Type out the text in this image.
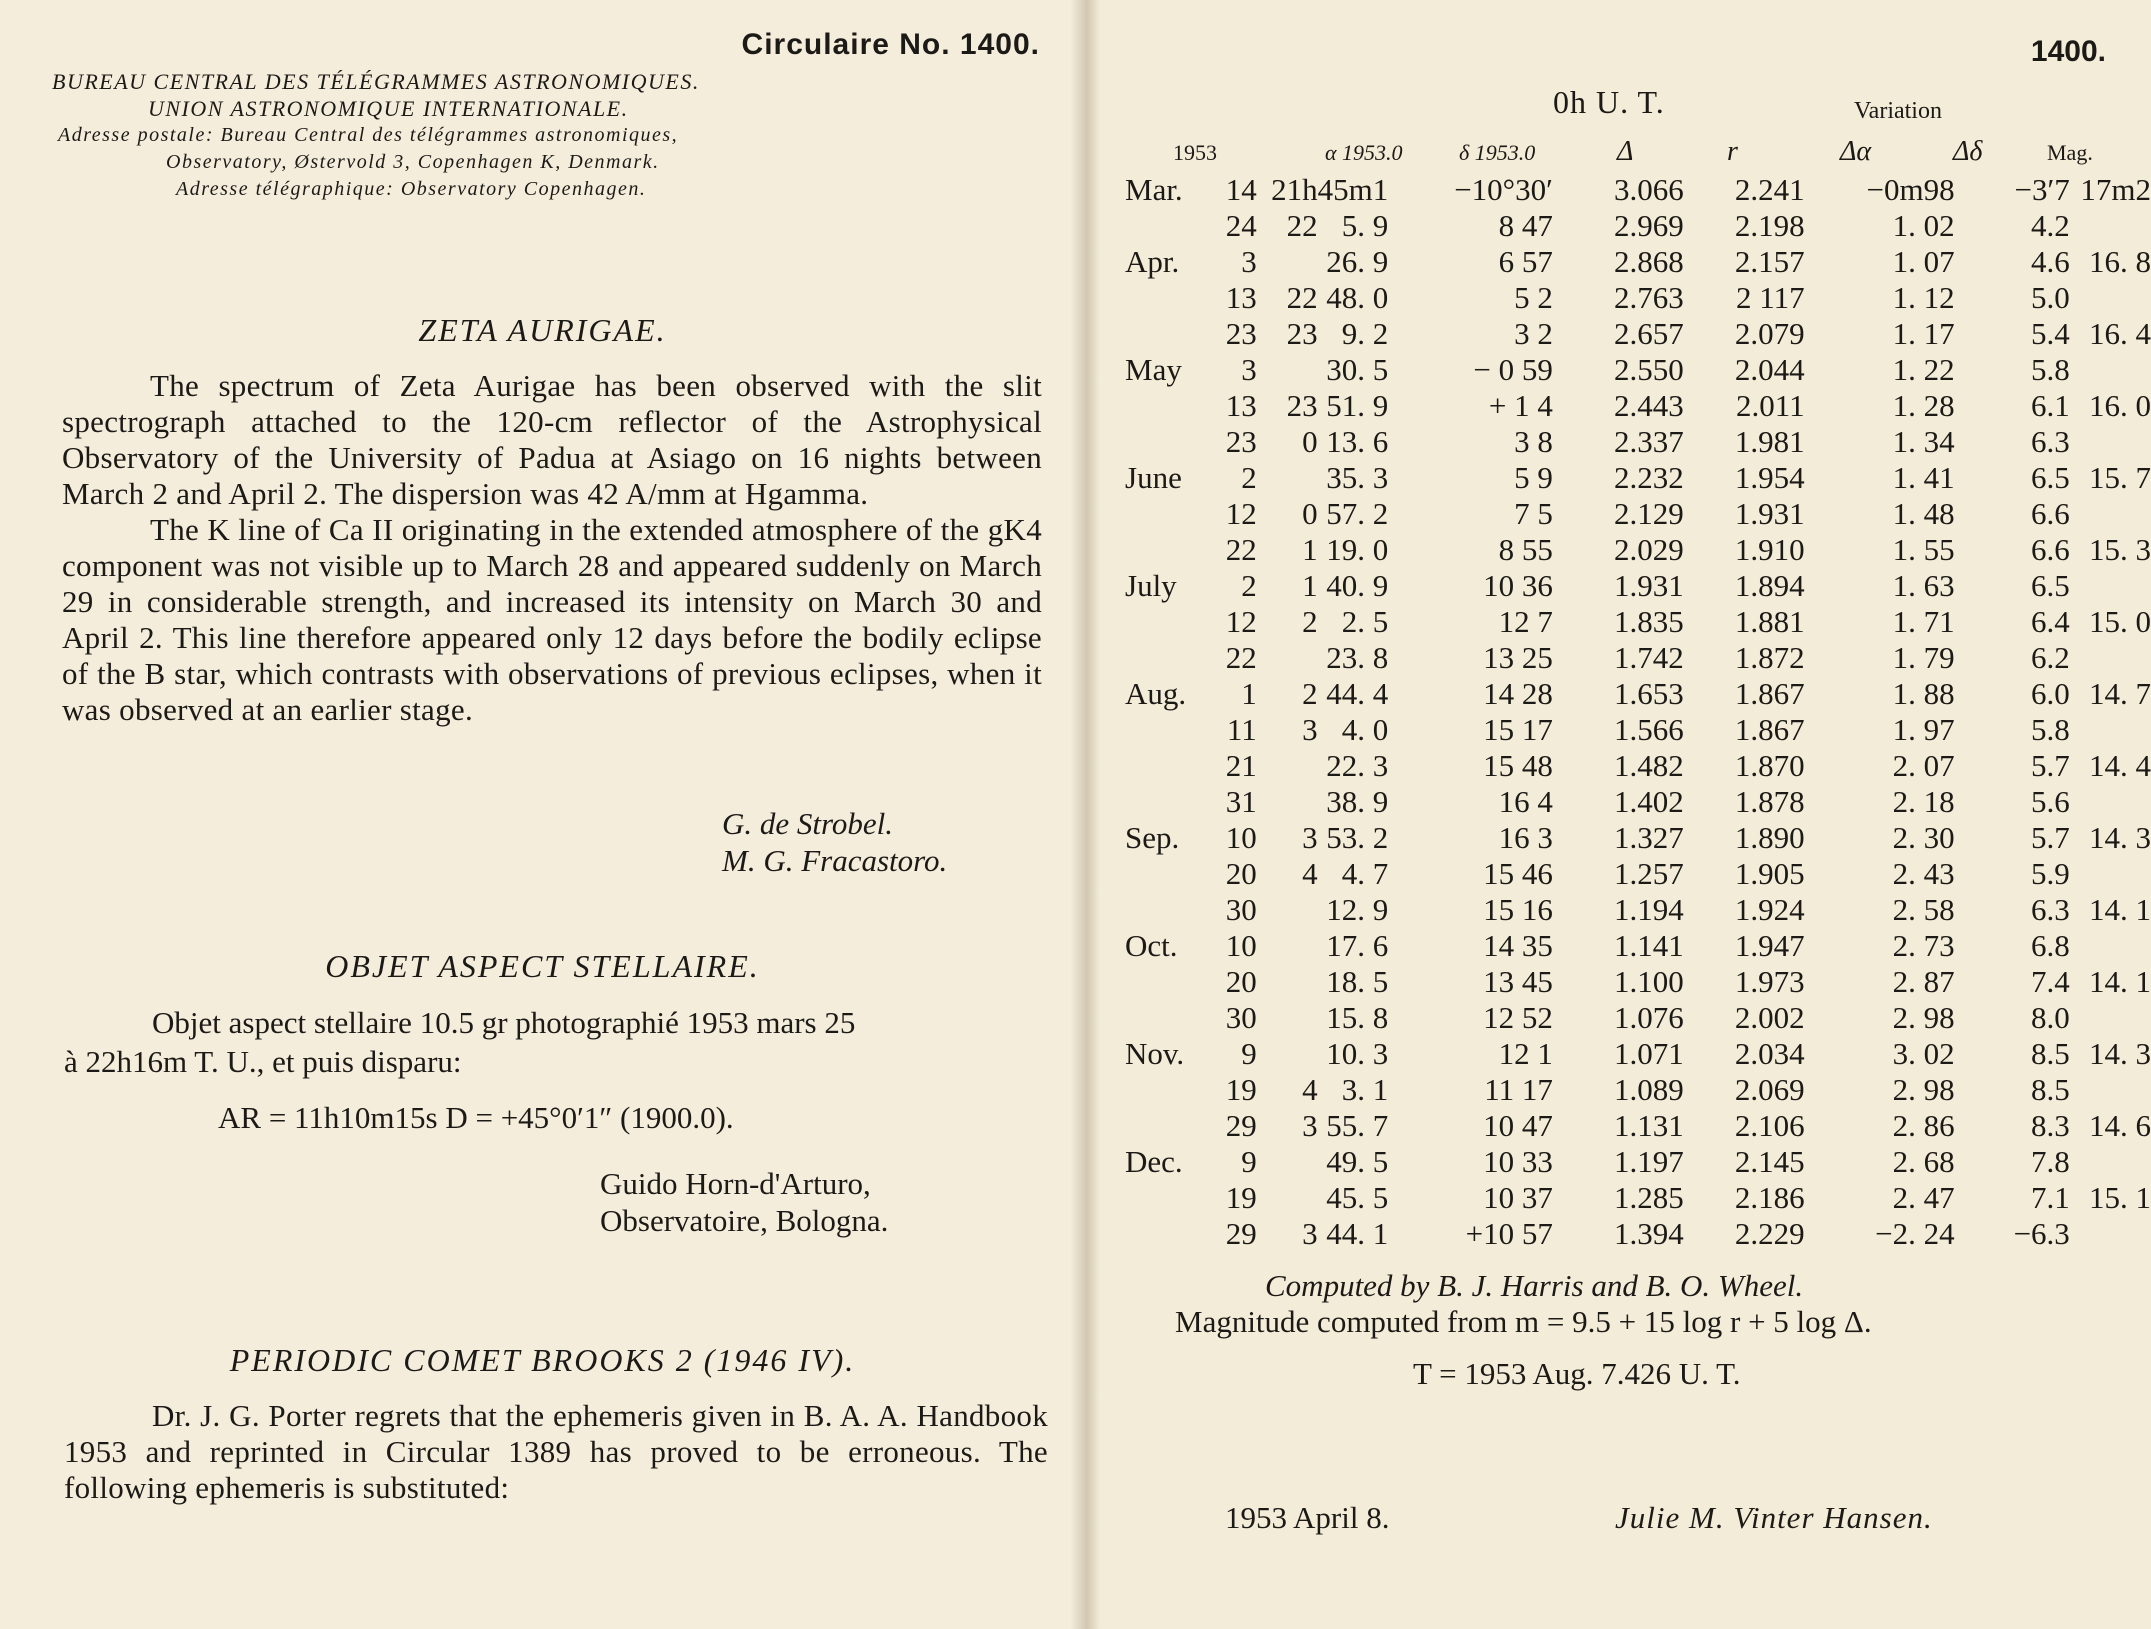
Circulaire No. 1400.
BUREAU CENTRAL DES TÉLÉGRAMMES ASTRONOMIQUES.
UNION ASTRONOMIQUE INTERNATIONALE.
Adresse postale: Bureau Central des télégrammes astronomiques,
Observatory, Østervold 3, Copenhagen K, Denmark.
Adresse télégraphique: Observatory Copenhagen.
ZETA AURIGAE.

The spectrum of Zeta Aurigae has been observed with the slit spectrograph attached to the 120-cm reflector of the Astrophysical Observatory of the University of Padua at Asiago on 16 nights between March 2 and April 2. The dispersion was 42 A/mm at Hgamma.

The K line of Ca II originating in the extended atmosphere of the gK4 component was not visible up to March 28 and appeared suddenly on March 29 in considerable strength, and increased its intensity on March 30 and April 2. This line therefore appeared only 12 days before the bodily eclipse of the B star, which contrasts with observations of previous eclipses, when it was observed at an earlier stage.

G. de Strobel.
M. G. Fracastoro.
OBJET ASPECT STELLAIRE.
Objet aspect stellaire 10.5 gr photographié 1953 mars 25
à 22h16m T. U., et puis disparu:
AR = 11h10m15s D = +45°0′1″ (1900.0).
Guido Horn-d'Arturo,
Observatoire, Bologna.
PERIODIC COMET BROOKS 2 (1946 IV).

Dr. J. G. Porter regrets that the ephemeris given in B. A. A. Handbook 1953 and reprinted in Circular 1389 has proved to be erroneous. The following ephemeris is substituted:

1400.
0h U. T.	Variation
1953	α 1953.0	δ 1953.0	Δ	r	Δα	Δδ	Mag.
Mar.	14	21h	45m1	−10°30′	3.066	2.241	−0m98	−3′7	17m2
	24	22	5. 9	8 47	2.969	2.198	1. 02	4.2	
Apr.	3		26. 9	6 57	2.868	2.157	1. 07	4.6	16. 8
	13	22	48. 0	5 2	2.763	2 117	1. 12	5.0	
	23	23	9. 2	3 2	2.657	2.079	1. 17	5.4	16. 4
May	3		30. 5	− 0 59	2.550	2.044	1. 22	5.8	
	13	23	51. 9	+ 1 4	2.443	2.011	1. 28	6.1	16. 0
	23	0	13. 6	3 8	2.337	1.981	1. 34	6.3	
June	2		35. 3	5 9	2.232	1.954	1. 41	6.5	15. 7
	12	0	57. 2	7 5	2.129	1.931	1. 48	6.6	
	22	1	19. 0	8 55	2.029	1.910	1. 55	6.6	15. 3
July	2	1	40. 9	10 36	1.931	1.894	1. 63	6.5	
	12	2	2. 5	12 7	1.835	1.881	1. 71	6.4	15. 0
	22		23. 8	13 25	1.742	1.872	1. 79	6.2	
Aug.	1	2	44. 4	14 28	1.653	1.867	1. 88	6.0	14. 7
	11	3	4. 0	15 17	1.566	1.867	1. 97	5.8	
	21		22. 3	15 48	1.482	1.870	2. 07	5.7	14. 4
	31		38. 9	16 4	1.402	1.878	2. 18	5.6	
Sep.	10	3	53. 2	16 3	1.327	1.890	2. 30	5.7	14. 3
	20	4	4. 7	15 46	1.257	1.905	2. 43	5.9	
	30		12. 9	15 16	1.194	1.924	2. 58	6.3	14. 1
Oct.	10		17. 6	14 35	1.141	1.947	2. 73	6.8	
	20		18. 5	13 45	1.100	1.973	2. 87	7.4	14. 1
	30		15. 8	12 52	1.076	2.002	2. 98	8.0	
Nov.	9		10. 3	12 1	1.071	2.034	3. 02	8.5	14. 3
	19	4	3. 1	11 17	1.089	2.069	2. 98	8.5	
	29	3	55. 7	10 47	1.131	2.106	2. 86	8.3	14. 6
Dec.	9		49. 5	10 33	1.197	2.145	2. 68	7.8	
	19		45. 5	10 37	1.285	2.186	2. 47	7.1	15. 1
	29	3	44. 1	+10 57	1.394	2.229	−2. 24	−6.3	
Computed by B. J. Harris and B. O. Wheel.
Magnitude computed from m = 9.5 + 15 log r + 5 log Δ.
T = 1953 Aug. 7.426 U. T.
1953 April 8.	Julie M. Vinter Hansen.
